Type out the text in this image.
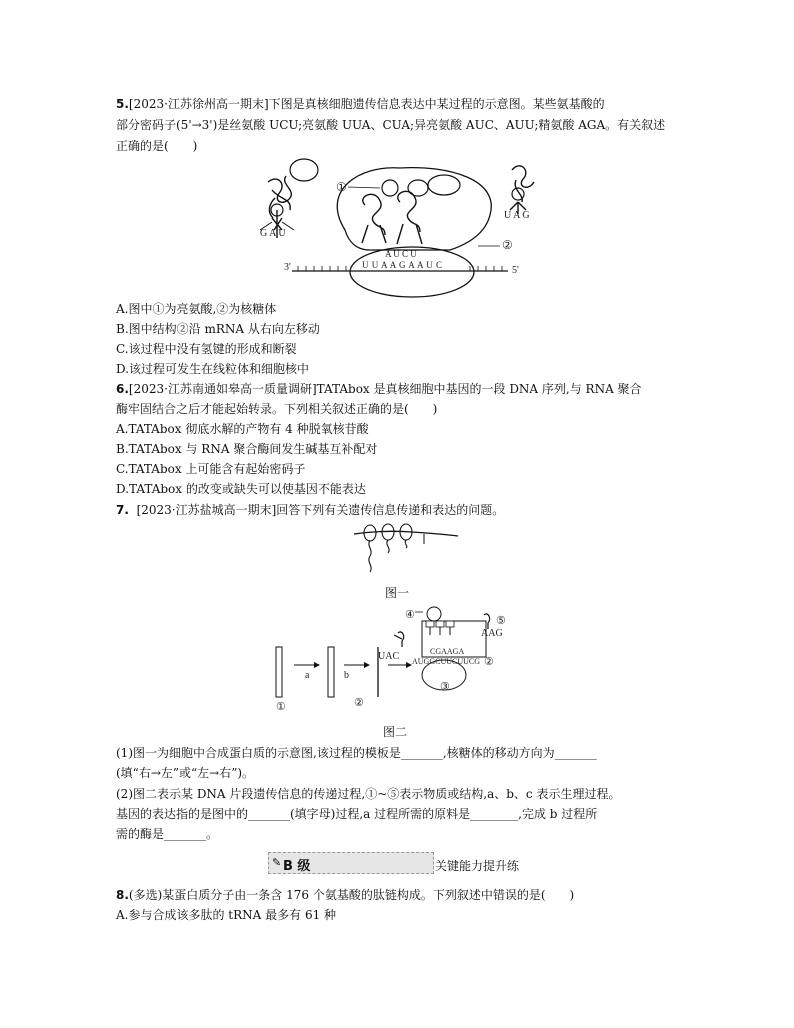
5.[2023·江苏徐州高一期末]下图是真核细胞遗传信息表达中某过程的示意图。某些氨基酸的
部分密码子(5'→3')是丝氨酸 UCU;亮氨酸 UUA、CUA;异亮氨酸 AUC、AUU;精氨酸 AGA。有关叙述
正确的是(　　)
G A U
U A G
①
②
A U C U
U U A A G A A U C
3'	5'
A.图中①为亮氨酸,②为核糖体
B.图中结构②沿 mRNA 从右向左移动
C.该过程中没有氢键的形成和断裂
D.该过程可发生在线粒体和细胞核中
6.[2023·江苏南通如皋高一质量调研]TATAbox 是真核细胞中基因的一段 DNA 序列,与 RNA 聚合
酶牢固结合之后才能起始转录。下列相关叙述正确的是(　　)
A.TATAbox 彻底水解的产物有 4 种脱氧核苷酸
B.TATAbox 与 RNA 聚合酶间发生碱基互补配对
C.TATAbox 上可能含有起始密码子
D.TATAbox 的改变或缺失可以使基因不能表达
7. [2023·江苏盐城高一期末]回答下列有关遗传信息传递和表达的问题。
图一
④	⑤
AAG
UAC	CGAAGA
AUGGCUUCUUCG ②
③
a	b
①	②
图二
(1)图一为细胞中合成蛋白质的示意图,该过程的模板是_______,核糖体的移动方向为_______
(填“右→左”或“左→右”)。
(2)图二表示某 DNA 片段遗传信息的传递过程,①~⑤表示物质或结构,a、b、c 表示生理过程。
基因的表达指的是图中的_______(填字母)过程,a 过程所需的原料是________,完成 b 过程所
需的酶是_______。
✎ B 级	关键能力提升练
8.(多选)某蛋白质分子由一条含 176 个氨基酸的肽链构成。下列叙述中错误的是(　　)
A.参与合成该多肽的 tRNA 最多有 61 种
